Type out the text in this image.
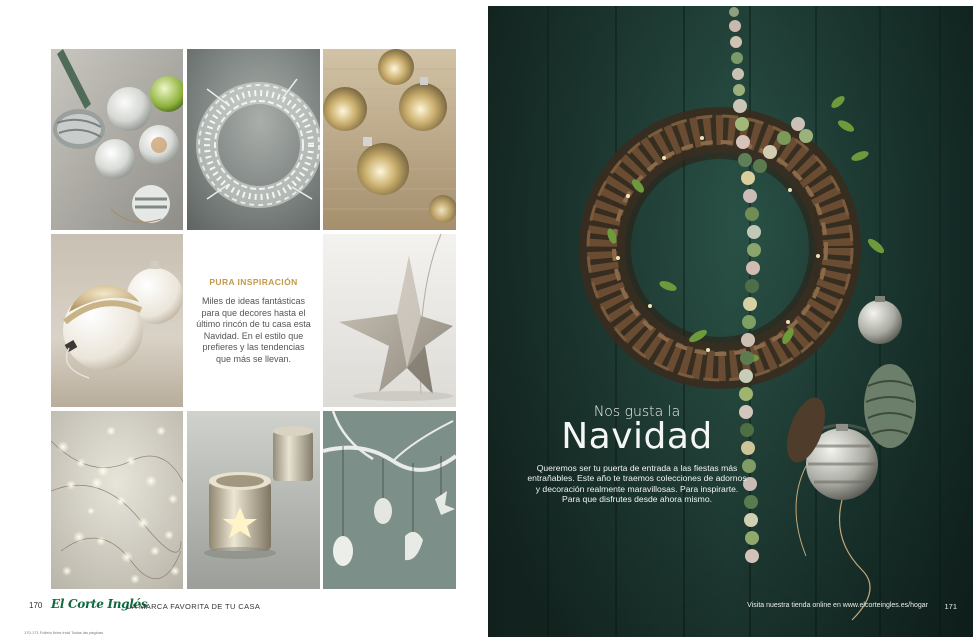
PURA INSPIRACIÓN
Miles de ideas fantásticas para que decores hasta el último rincón de tu casa esta Navidad. En el estilo que prefieres y las tendencias que más se llevan.
170 El Corte Inglés
LA MARCA FAVORITA DE TU CASA
170-171 Folleto fiche.indd Todas las páginas
Nos gusta la
Navidad
Queremos ser tu puerta de entrada a las fiestas más entrañables. Este año te traemos colecciones de adornos y decoración realmente maravillosas. Para inspirarte. Para que disfrutes desde ahora mismo.
Visita nuestra tienda online en www.elcorteingles.es/hogar 171
